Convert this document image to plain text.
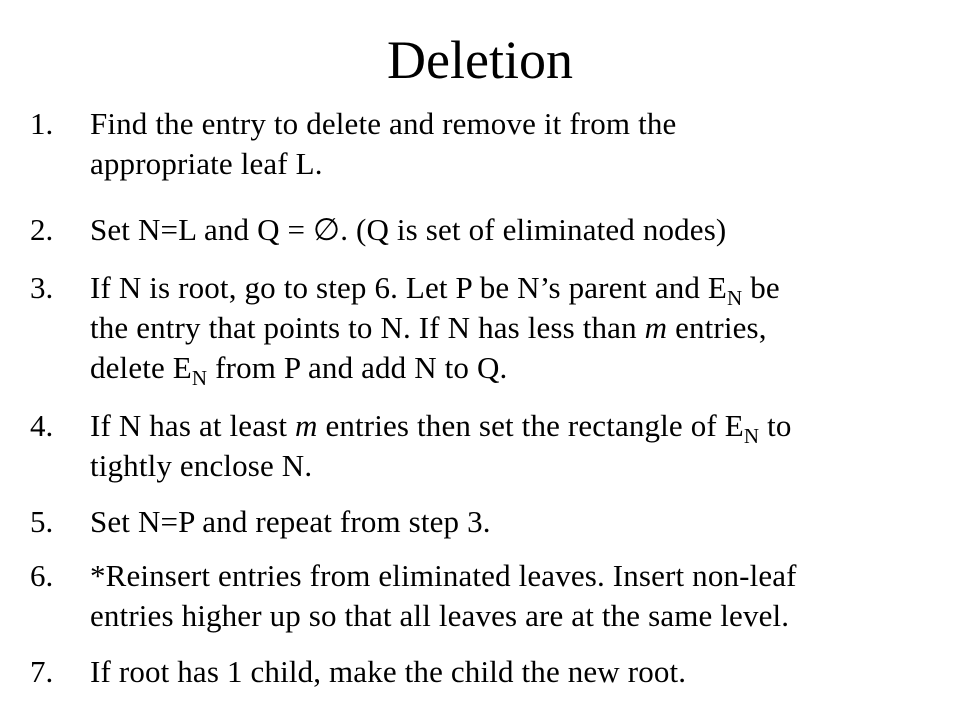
Deletion
1. Find the entry to delete and remove it from the
appropriate leaf L.
2. Set N=L and Q = ∅. (Q is set of eliminated nodes)
3. If N is root, go to step 6. Let P be N’s parent and $E_N$ be
the entry that points to N. If N has less than m entries,
delete $E_N$ from P and add N to Q.
4. If N has at least m entries then set the rectangle of $E_N$ to
tightly enclose N.
5. Set N=P and repeat from step 3.
6. *Reinsert entries from eliminated leaves. Insert non-leaf
entries higher up so that all leaves are at the same level.
7. If root has 1 child, make the child the new root.
